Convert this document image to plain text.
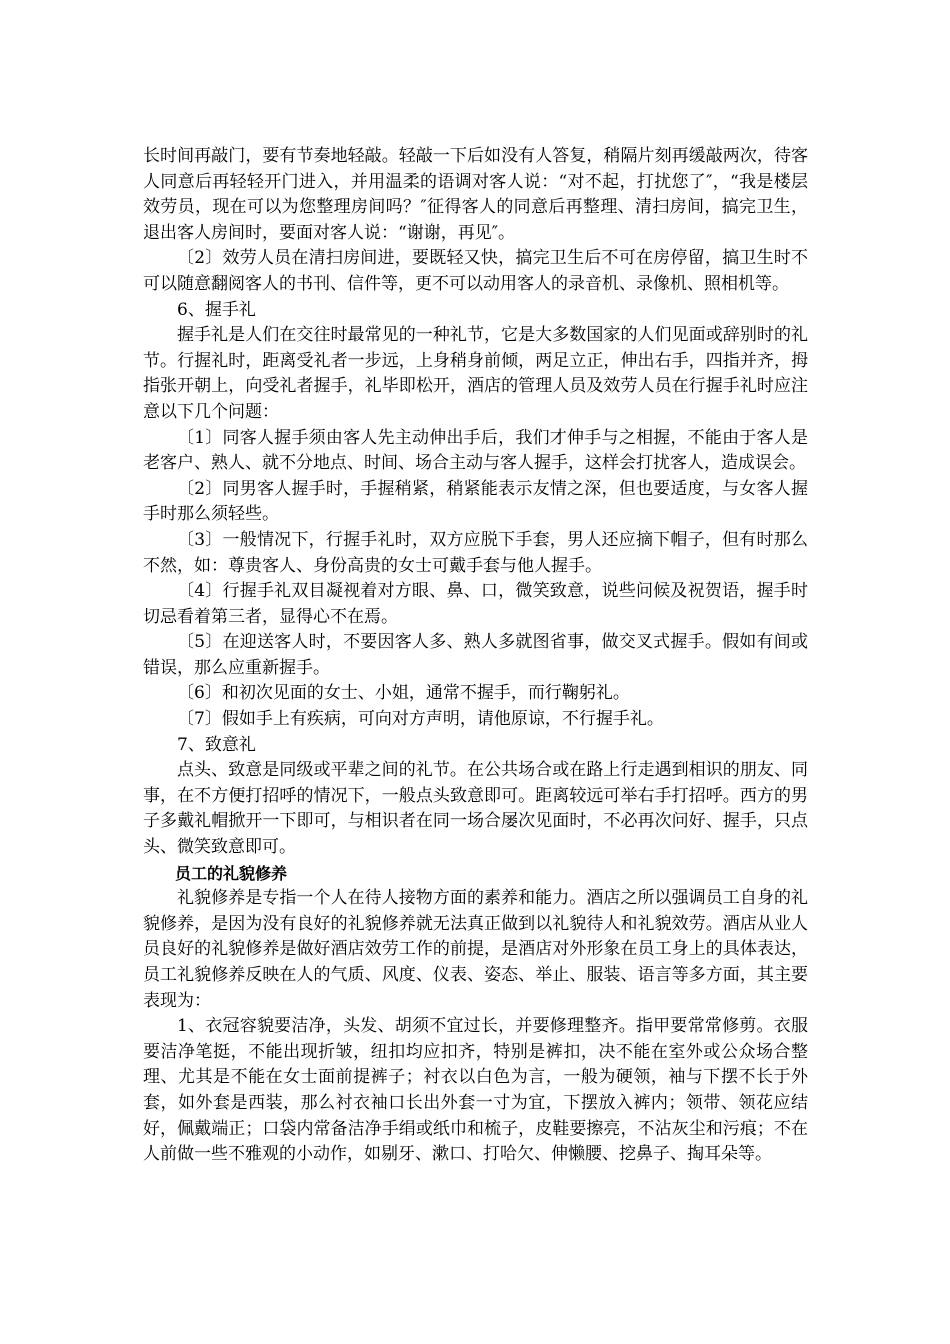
长时间再敲门，要有节奏地轻敲。轻敲一下后如没有人答复，稍隔片刻再缓敲两次，待客人同意后再轻轻开门进入，并用温柔的语调对客人说：“对不起，打扰您了″，“我是楼层效劳员，现在可以为您整理房间吗？″征得客人的同意后再整理、清扫房间，搞完卫生，退出客人房间时，要面对客人说：“谢谢，再见″。

〔2〕效劳人员在清扫房间进，要既轻又快，搞完卫生后不可在房停留，搞卫生时不可以随意翻阅客人的书刊、信件等，更不可以动用客人的录音机、录像机、照相机等。

6、握手礼

握手礼是人们在交往时最常见的一种礼节，它是大多数国家的人们见面或辞别时的礼节。行握礼时，距离受礼者一步远，上身稍身前倾，两足立正，伸出右手，四指并齐，拇指张开朝上，向受礼者握手，礼毕即松开，酒店的管理人员及效劳人员在行握手礼时应注意以下几个问题：

〔1〕同客人握手须由客人先主动伸出手后，我们才伸手与之相握，不能由于客人是老客户、熟人、就不分地点、时间、场合主动与客人握手，这样会打扰客人，造成误会。

〔2〕同男客人握手时，手握稍紧，稍紧能表示友情之深，但也要适度，与女客人握手时那么须轻些。

〔3〕一般情况下，行握手礼时，双方应脱下手套，男人还应摘下帽子，但有时那么不然，如：尊贵客人、身份高贵的女士可戴手套与他人握手。

〔4〕行握手礼双目凝视着对方眼、鼻、口，微笑致意，说些问候及祝贺语，握手时切忌看着第三者，显得心不在焉。

〔5〕在迎送客人时，不要因客人多、熟人多就图省事，做交叉式握手。假如有间或错误，那么应重新握手。

〔6〕和初次见面的女士、小姐，通常不握手，而行鞠躬礼。

〔7〕假如手上有疾病，可向对方声明，请他原谅，不行握手礼。

7、致意礼

点头、致意是同级或平辈之间的礼节。在公共场合或在路上行走遇到相识的朋友、同事，在不方便打招呼的情况下，一般点头致意即可。距离较远可举右手打招呼。西方的男子多戴礼帽掀开一下即可，与相识者在同一场合屡次见面时，不必再次问好、握手，只点头、微笑致意即可。

员工的礼貌修养

礼貌修养是专指一个人在待人接物方面的素养和能力。酒店之所以强调员工自身的礼貌修养，是因为没有良好的礼貌修养就无法真正做到以礼貌待人和礼貌效劳。酒店从业人员良好的礼貌修养是做好酒店效劳工作的前提，是酒店对外形象在员工身上的具体表达，员工礼貌修养反映在人的气质、风度、仪表、姿态、举止、服装、语言等多方面，其主要表现为：

1、衣冠容貌要洁净，头发、胡须不宜过长，并要修理整齐。指甲要常常修剪。衣服要洁净笔挺，不能出现折皱，纽扣均应扣齐，特别是裤扣，决不能在室外或公众场合整理、尤其是不能在女士面前提裤子；衬衣以白色为言，一般为硬领，袖与下摆不长于外套，如外套是西装，那么衬衣袖口长出外套一寸为宜，下摆放入裤内；领带、领花应结好，佩戴端正；口袋内常备洁净手绢或纸巾和梳子，皮鞋要擦亮，不沾灰尘和污痕；不在人前做一些不雅观的小动作，如剔牙、漱口、打哈欠、伸懒腰、挖鼻子、掏耳朵等。
